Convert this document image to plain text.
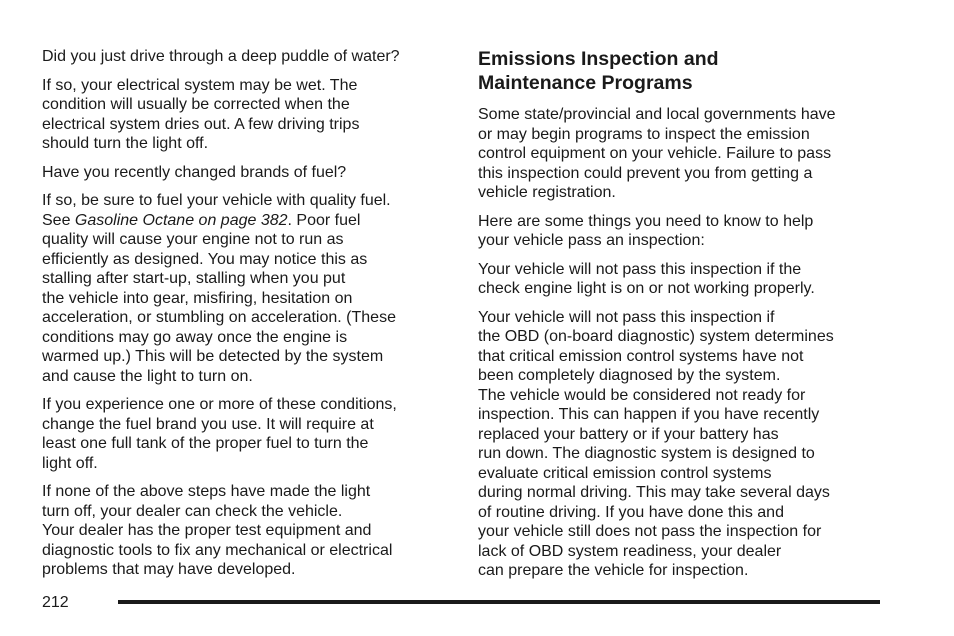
Did you just drive through a deep puddle of water?

If so, your electrical system may be wet. The
condition will usually be corrected when the
electrical system dries out. A few driving trips
should turn the light off.

Have you recently changed brands of fuel?

If so, be sure to fuel your vehicle with quality fuel.
See Gasoline Octane on page 382. Poor fuel
quality will cause your engine not to run as
efficiently as designed. You may notice this as
stalling after start-up, stalling when you put
the vehicle into gear, misfiring, hesitation on
acceleration, or stumbling on acceleration. (These
conditions may go away once the engine is
warmed up.) This will be detected by the system
and cause the light to turn on.

If you experience one or more of these conditions,
change the fuel brand you use. It will require at
least one full tank of the proper fuel to turn the
light off.

If none of the above steps have made the light
turn off, your dealer can check the vehicle.
Your dealer has the proper test equipment and
diagnostic tools to fix any mechanical or electrical
problems that may have developed.

Emissions Inspection and
Maintenance Programs

Some state/provincial and local governments have
or may begin programs to inspect the emission
control equipment on your vehicle. Failure to pass
this inspection could prevent you from getting a
vehicle registration.

Here are some things you need to know to help
your vehicle pass an inspection:

Your vehicle will not pass this inspection if the
check engine light is on or not working properly.

Your vehicle will not pass this inspection if
the OBD (on-board diagnostic) system determines
that critical emission control systems have not
been completely diagnosed by the system.
The vehicle would be considered not ready for
inspection. This can happen if you have recently
replaced your battery or if your battery has
run down. The diagnostic system is designed to
evaluate critical emission control systems
during normal driving. This may take several days
of routine driving. If you have done this and
your vehicle still does not pass the inspection for
lack of OBD system readiness, your dealer
can prepare the vehicle for inspection.

212
